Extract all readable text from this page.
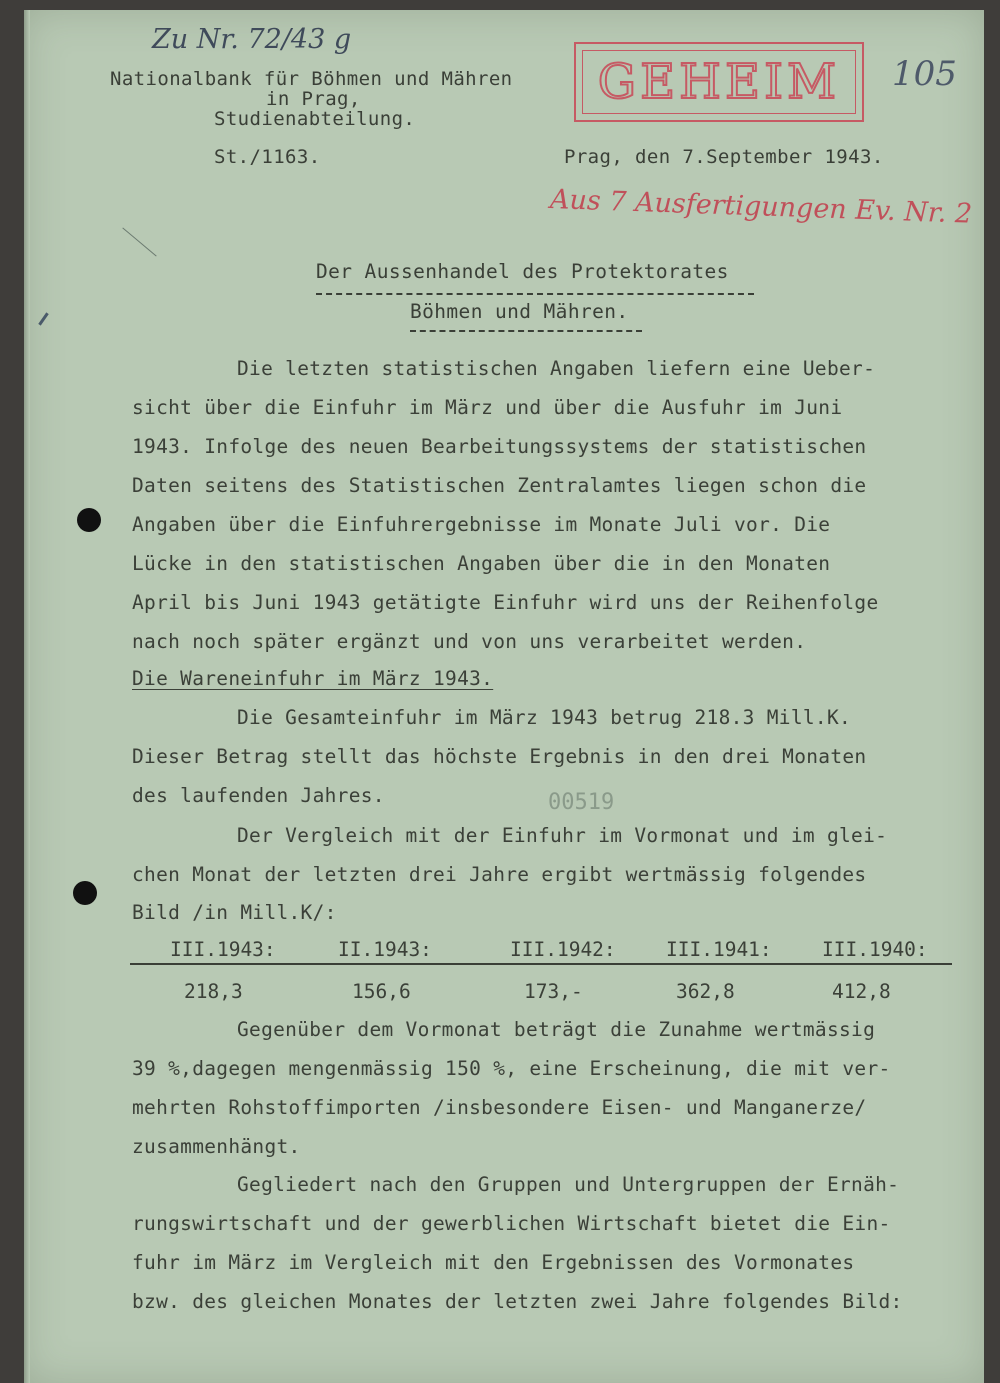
Zu Nr. 72/43 g
Nationalbank für Böhmen und Mähren
in Prag,
Studienabteilung.
GEHEIM 105
St./1163.	Prag, den 7.September 1943.
Aus 7 Ausfertigungen Ev. Nr. 2
Der Aussenhandel des Protektorates
Böhmen und Mähren.
Die letzten statistischen Angaben liefern eine Ueber-
sicht über die Einfuhr im März und über die Ausfuhr im Juni
1943. Infolge des neuen Bearbeitungssystems der statistischen
Daten seitens des Statistischen Zentralamtes liegen schon die
Angaben über die Einfuhrergebnisse im Monate Juli vor. Die
Lücke in den statistischen Angaben über die in den Monaten
April bis Juni 1943 getätigte Einfuhr wird uns der Reihenfolge
nach noch später ergänzt und von uns verarbeitet werden.
Die Wareneinfuhr im März 1943.
Die Gesamteinfuhr im März 1943 betrug 218.3 Mill.K.
Dieser Betrag stellt das höchste Ergebnis in den drei Monaten
des laufenden Jahres.	00519
Der Vergleich mit der Einfuhr im Vormonat und im glei-
chen Monat der letzten drei Jahre ergibt wertmässig folgendes
Bild /in Mill.K/:
III.1943:	II.1943:	III.1942:	III.1941:	III.1940:
218,3	156,6	173,-	362,8	412,8
Gegenüber dem Vormonat beträgt die Zunahme wertmässig
39 %,dagegen mengenmässig 150 %, eine Erscheinung, die mit ver-
mehrten Rohstoffimporten /insbesondere Eisen- und Manganerze/
zusammenhängt.
Gegliedert nach den Gruppen und Untergruppen der Ernäh-
rungswirtschaft und der gewerblichen Wirtschaft bietet die Ein-
fuhr im März im Vergleich mit den Ergebnissen des Vormonates
bzw. des gleichen Monates der letzten zwei Jahre folgendes Bild:
